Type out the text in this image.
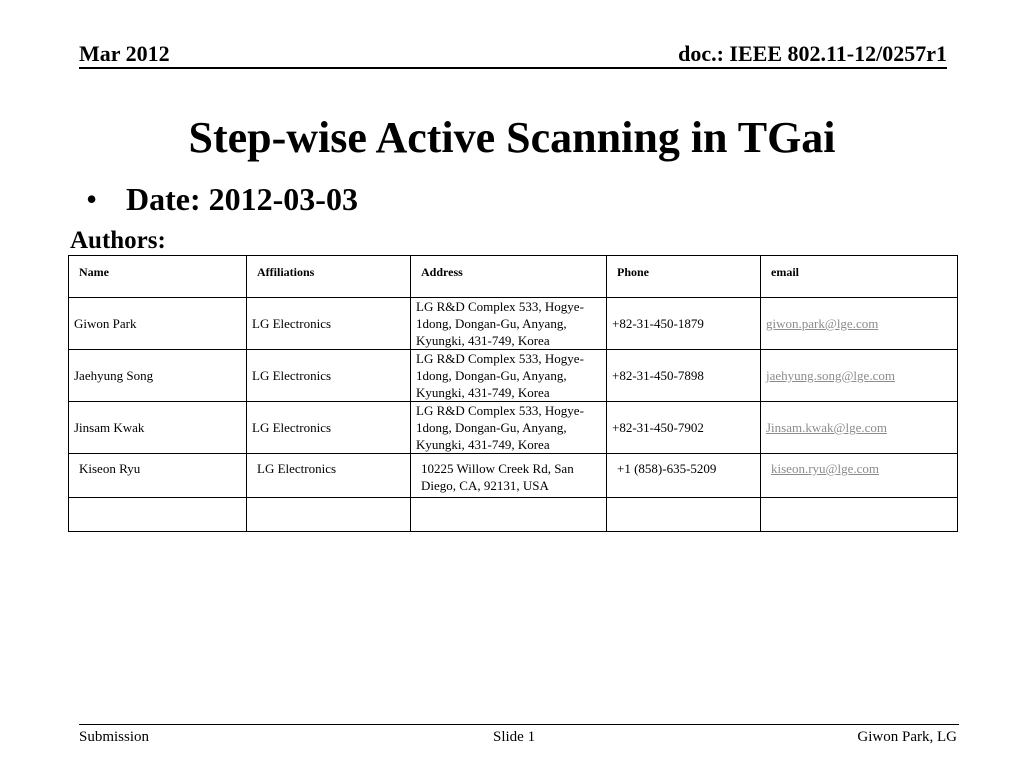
Mar 2012	doc.: IEEE 802.11-12/0257r1
Step-wise Active Scanning in TGai
• Date: 2012-03-03
Authors:
Name	Affiliations	Address	Phone	email
Giwon Park	LG Electronics	LG R&D Complex 533, Hogye-1dong, Dongan-Gu, Anyang, Kyungki, 431-749, Korea	+82-31-450-1879	giwon.park@lge.com
Jaehyung Song	LG Electronics	LG R&D Complex 533, Hogye-1dong, Dongan-Gu, Anyang, Kyungki, 431-749, Korea	+82-31-450-7898	jaehyung.song@lge.com
Jinsam Kwak	LG Electronics	LG R&D Complex 533, Hogye-1dong, Dongan-Gu, Anyang, Kyungki, 431-749, Korea	+82-31-450-7902	Jinsam.kwak@lge.com
Kiseon Ryu	LG Electronics	10225 Willow Creek Rd, San Diego, CA, 92131, USA	+1 (858)-635-5209	kiseon.ryu@lge.com

Submission	Slide 1	Giwon Park, LG
